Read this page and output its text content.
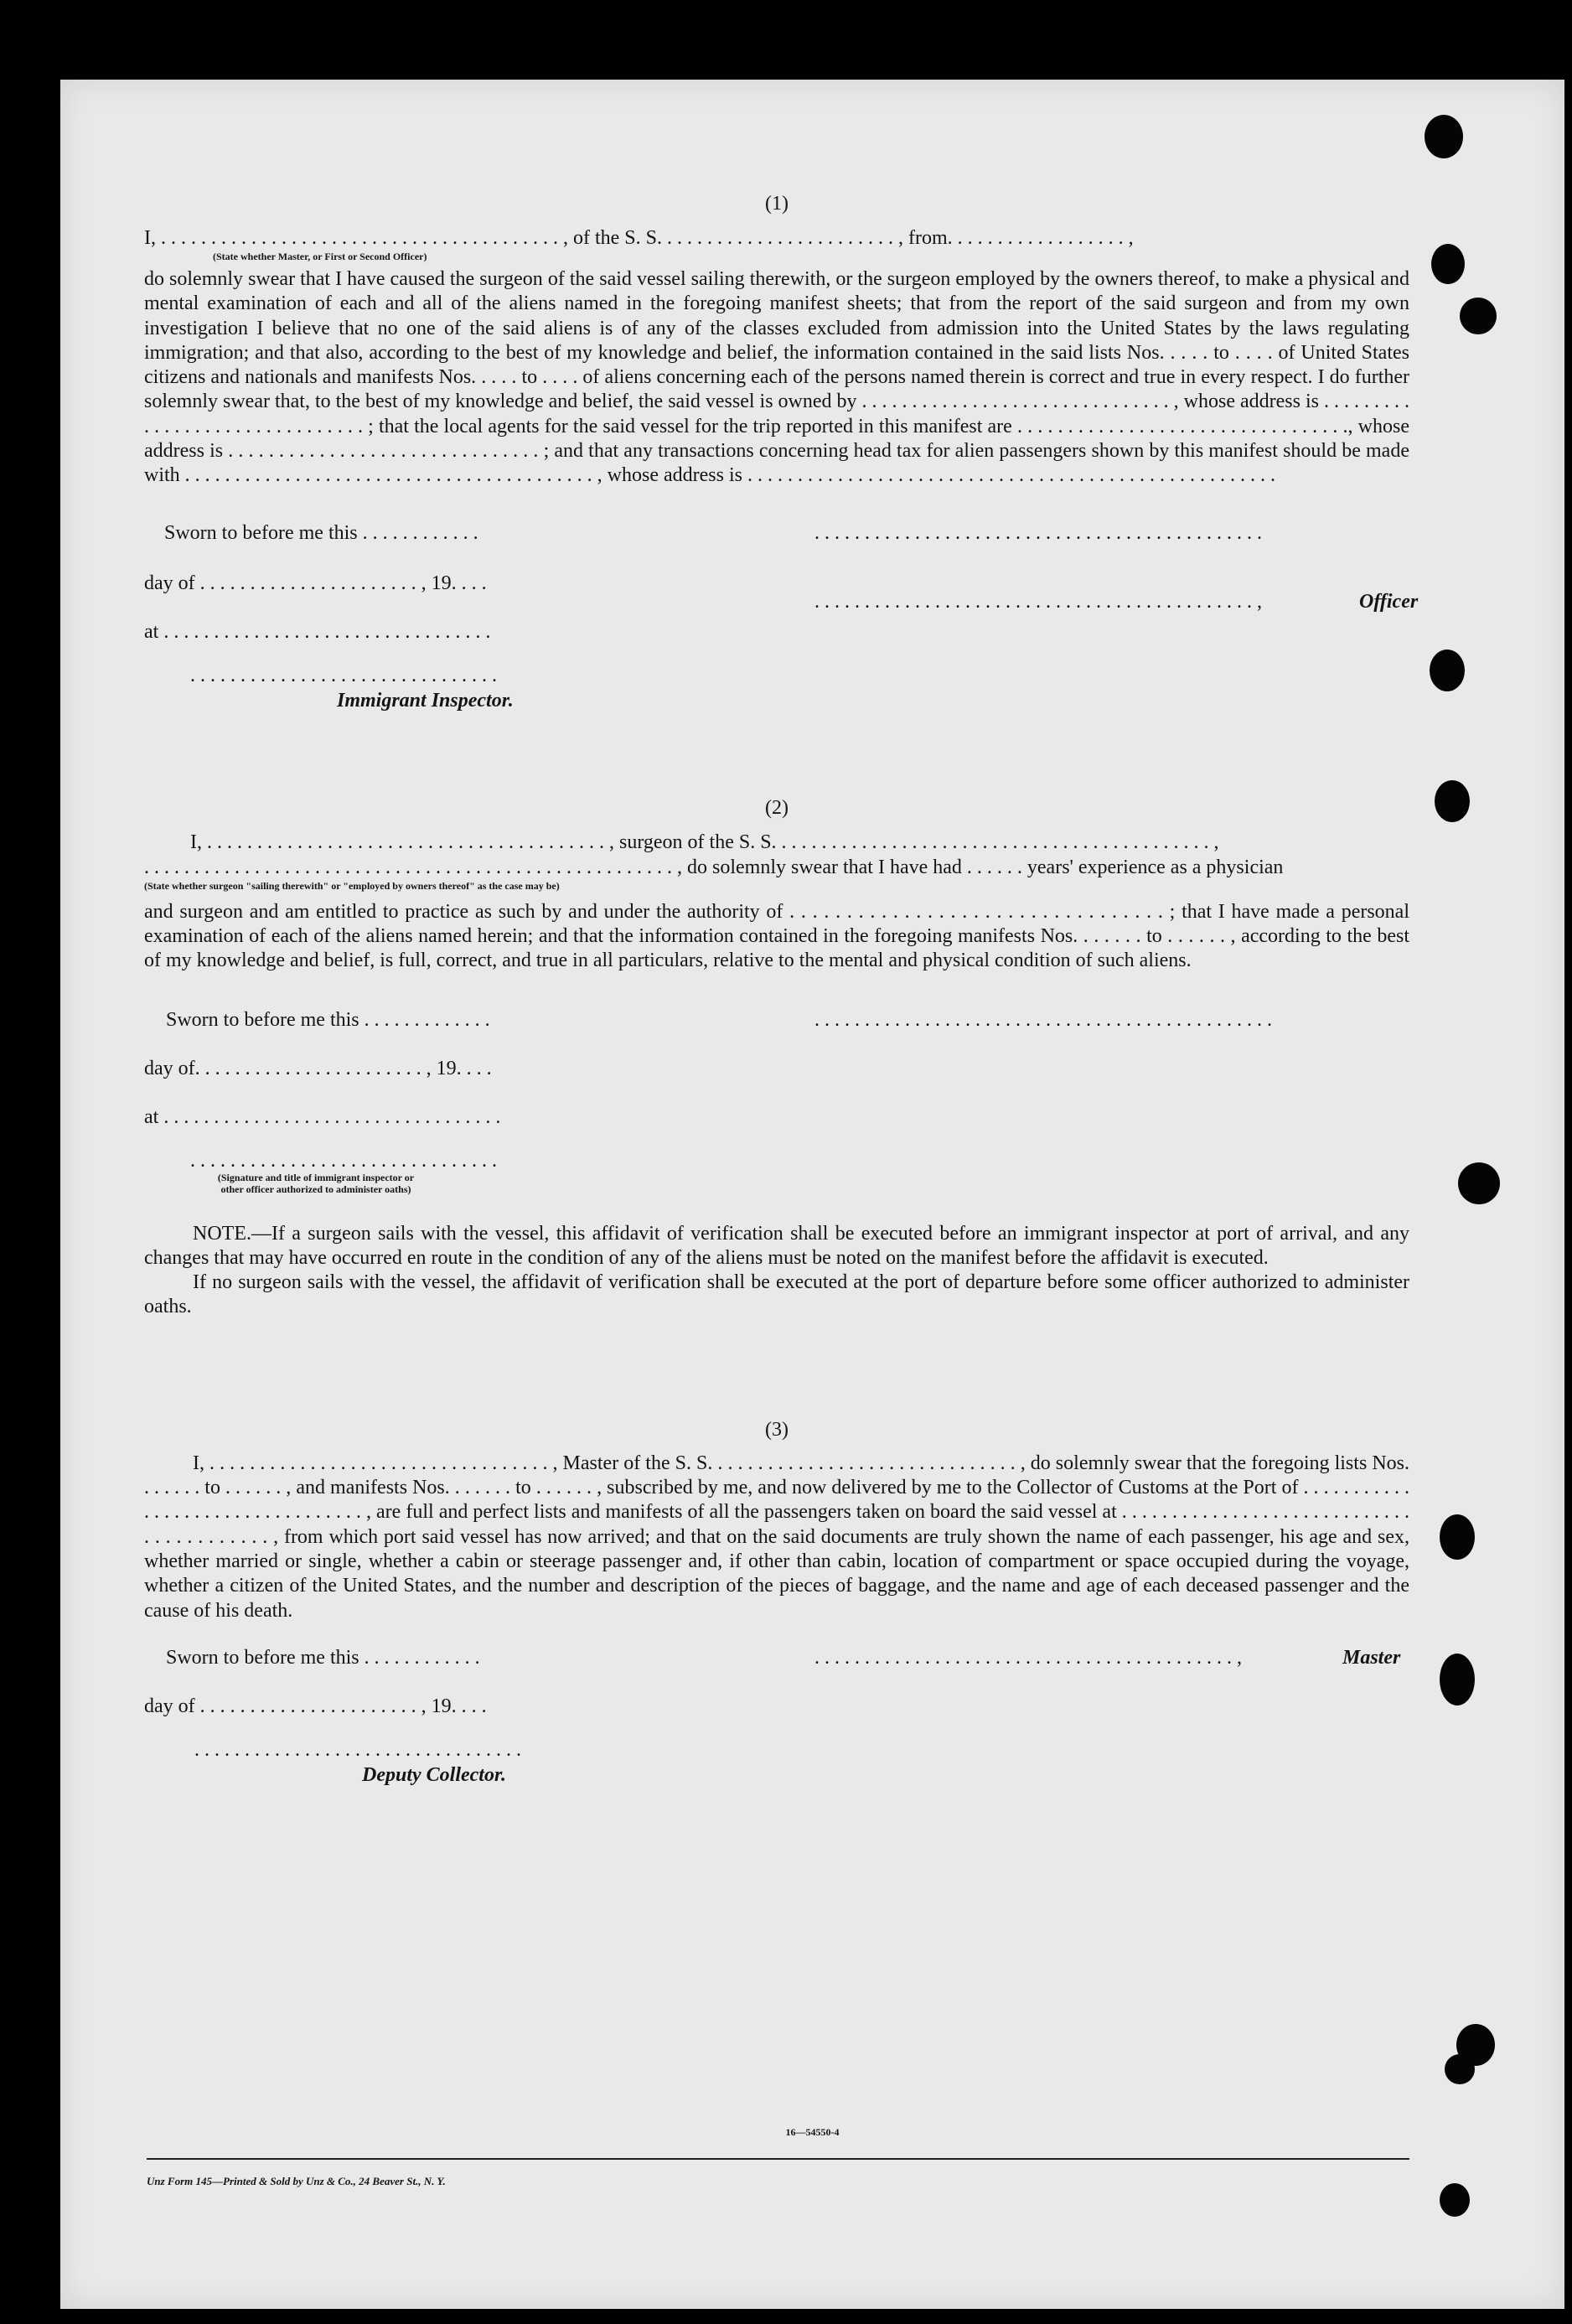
(1)
I, . . . . . . . . . . . . . . . . . . . . . . . . . . . . . . . . . . . . . . . . , of the S. S. . . . . . . . . . . . . . . . . . . . . . . . , from. . . . . . . . . . . . . . . . . . ,
(State whether Master, or First or Second Officer)

do solemnly swear that I have caused the surgeon of the said vessel sailing therewith, or the surgeon employed by the owners thereof, to make a physical and mental examination of each and all of the aliens named in the foregoing manifest sheets; that from the report of the said surgeon and from my own investigation I believe that no one of the said aliens is of any of the classes excluded from admission into the United States by the laws regulating immigration; and that also, according to the best of my knowledge and belief, the information contained in the said lists Nos. . . . . to . . . . of United States citizens and nationals and manifests Nos. . . . . to . . . . of aliens concerning each of the persons named therein is correct and true in every respect. I do further solemnly swear that, to the best of my knowledge and belief, the said vessel is owned by . . . . . . . . . . . . . . . . . . . . . . . . . . . . . . . , whose address is . . . . . . . . . . . . . . . . . . . . . . . . . . . . . . . ; that the local agents for the said vessel for the trip reported in this manifest are . . . . . . . . . . . . . . . . . . . . . . . . . . . . . . . . ., whose address is . . . . . . . . . . . . . . . . . . . . . . . . . . . . . . . ; and that any transactions concerning head tax for alien passengers shown by this manifest should be made with . . . . . . . . . . . . . . . . . . . . . . . . . . . . . . . . . . . . . . . . . , whose address is . . . . . . . . . . . . . . . . . . . . . . . . . . . . . . . . . . . . . . . . . . . . . . . . . . . . .

Sworn to before me this . . . . . . . . . . . .
day of . . . . . . . . . . . . . . . . . . . . . . , 19. . . .
at . . . . . . . . . . . . . . . . . . . . . . . . . . . . . . . . .
. . . . . . . . . . . . . . . . . . . . . . . . . . . . . . .
Immigrant Inspector.
. . . . . . . . . . . . . . . . . . . . . . . . . . . . . . . . . . . . . . . . . . . . .
. . . . . . . . . . . . . . . . . . . . . . . . . . . . . . . . . . . . . . . . . . . . ,	Officer
(2)
I, . . . . . . . . . . . . . . . . . . . . . . . . . . . . . . . . . . . . . . . . , surgeon of the S. S. . . . . . . . . . . . . . . . . . . . . . . . . . . . . . . . . . . . . . . . . . . . ,
. . . . . . . . . . . . . . . . . . . . . . . . . . . . . . . . . . . . . . . . . . . . . . . . . . . . . , do solemnly swear that I have had . . . . . . years' experience as a physician
(State whether surgeon "sailing therewith" or "employed by owners thereof" as the case may be)

and surgeon and am entitled to practice as such by and under the authority of . . . . . . . . . . . . . . . . . . . . . . . . . . . . . . . . . ; that I have made a personal examination of each of the aliens named herein; and that the information contained in the foregoing manifests Nos. . . . . . . to . . . . . . , according to the best of my knowledge and belief, is full, correct, and true in all particulars, relative to the mental and physical condition of such aliens.

Sworn to before me this . . . . . . . . . . . . .
day of. . . . . . . . . . . . . . . . . . . . . . . , 19. . . .
at . . . . . . . . . . . . . . . . . . . . . . . . . . . . . . . . . .
. . . . . . . . . . . . . . . . . . . . . . . . . . . . . . .
(Signature and title of immigrant inspector or other officer authorized to administer oaths)
. . . . . . . . . . . . . . . . . . . . . . . . . . . . . . . . . . . . . . . . . . . . . .

NOTE.—If a surgeon sails with the vessel, this affidavit of verification shall be executed before an immigrant inspector at port of arrival, and any changes that may have occurred en route in the condition of any of the aliens must be noted on the manifest before the affidavit is executed.

If no surgeon sails with the vessel, the affidavit of verification shall be executed at the port of departure before some officer authorized to administer oaths.

(3)

I, . . . . . . . . . . . . . . . . . . . . . . . . . . . . . . . . . . , Master of the S. S. . . . . . . . . . . . . . . . . . . . . . . . . . . . . . . , do solemnly swear that the foregoing lists Nos. . . . . . . to . . . . . . , and manifests Nos. . . . . . . to . . . . . . , subscribed by me, and now delivered by me to the Collector of Customs at the Port of . . . . . . . . . . . . . . . . . . . . . . . . . . . . . . . . . , are full and perfect lists and manifests of all the passengers taken on board the said vessel at . . . . . . . . . . . . . . . . . . . . . . . . . . . . . . . . . . . . . . . . . , from which port said vessel has now arrived; and that on the said documents are truly shown the name of each passenger, his age and sex, whether married or single, whether a cabin or steerage passenger and, if other than cabin, location of compartment or space occupied during the voyage, whether a citizen of the United States, and the number and description of the pieces of baggage, and the name and age of each deceased passenger and the cause of his death.

Sworn to before me this . . . . . . . . . . . .
day of . . . . . . . . . . . . . . . . . . . . . . , 19. . . .
. . . . . . . . . . . . . . . . . . . . . . . . . . . . . . . . .
Deputy Collector.
. . . . . . . . . . . . . . . . . . . . . . . . . . . . . . . . . . . . . . . . . . ,	Master
16—54550-4
Unz Form 145—Printed & Sold by Unz & Co., 24 Beaver St., N. Y.
